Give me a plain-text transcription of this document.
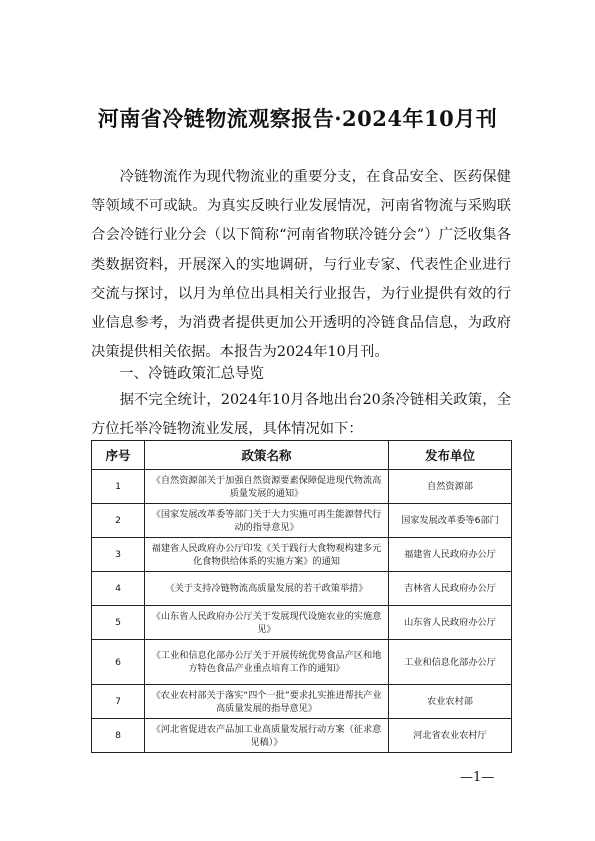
河南省冷链物流观察报告·2024年10月刊

冷链物流作为现代物流业的重要分支，在食品安全、医药保健等领域不可或缺。为真实反映行业发展情况，河南省物流与采购联合会冷链行业分会（以下简称“河南省物联冷链分会”）广泛收集各类数据资料，开展深入的实地调研，与行业专家、代表性企业进行交流与探讨，以月为单位出具相关行业报告，为行业提供有效的行业信息参考，为消费者提供更加公开透明的冷链食品信息，为政府决策提供相关依据。本报告为2024年10月刊。

一、冷链政策汇总导览

据不完全统计，2024年10月各地出台20条冷链相关政策，全方位托举冷链物流业发展，具体情况如下：

序号	政策名称	发布单位
1	《自然资源部关于加强自然资源要素保障促进现代物流高质量发展的通知》	自然资源部
2	《国家发展改革委等部门关于大力实施可再生能源替代行动的指导意见》	国家发展改革委等6部门
3	福建省人民政府办公厅印发《关于践行大食物观构建多元化食物供给体系的实施方案》的通知	福建省人民政府办公厅
4	《关于支持冷链物流高质量发展的若干政策举措》	吉林省人民政府办公厅
5	《山东省人民政府办公厅关于发展现代设施农业的实施意见》	山东省人民政府办公厅
6	《工业和信息化部办公厅关于开展传统优势食品产区和地方特色食品产业重点培育工作的通知》	工业和信息化部办公厅
7	《农业农村部关于落实“四个一批”要求扎实推进帮扶产业高质量发展的指导意见》	农业农村部
8	《河北省促进农产品加工业高质量发展行动方案（征求意见稿）》	河北省农业农村厅
—1—
